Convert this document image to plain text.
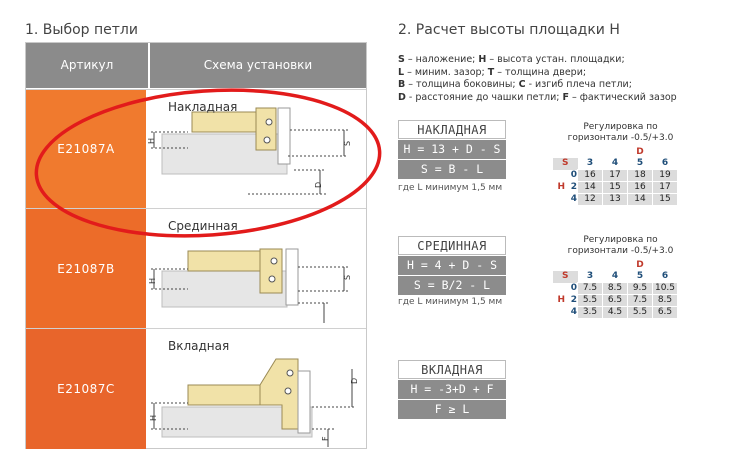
1. Выбор петли	2. Расчет высоты площадки H
Артикул	Схема установки
E21087A
H	S
D
Накладная
E21087B
H
S
Срединная
E21087C
H
D
F
Вкладная
S – наложение; H – высота устан. площадки;
L – миним. зазор; T – толщина двери;
B – толщина боковины; C - изгиб плеча петли;
D - расстояние до чашки петли; F – фактический зазор
НАКЛАДНАЯ
H = 13 + D - S
S = B - L
где L минимум 1,5 мм
СРЕДИННАЯ
H = 4 + D - S
S = B/2 - L
где L минимум 1,5 мм
ВКЛАДНАЯ
H = -3+D + F
F ≥ L
Регулировка по горизонтали -0.5/+3.0
			D	
S	3	4	5	6
0	16	17	18	19
H 2	14	15	16	17
4	12	13	14	15
Регулировка по горизонтали -0.5/+3.0
			D	
S	3	4	5	6
0	7.5	8.5	9.5	10.5
H 2	5.5	6.5	7.5	8.5
4	3.5	4.5	5.5	6.5
